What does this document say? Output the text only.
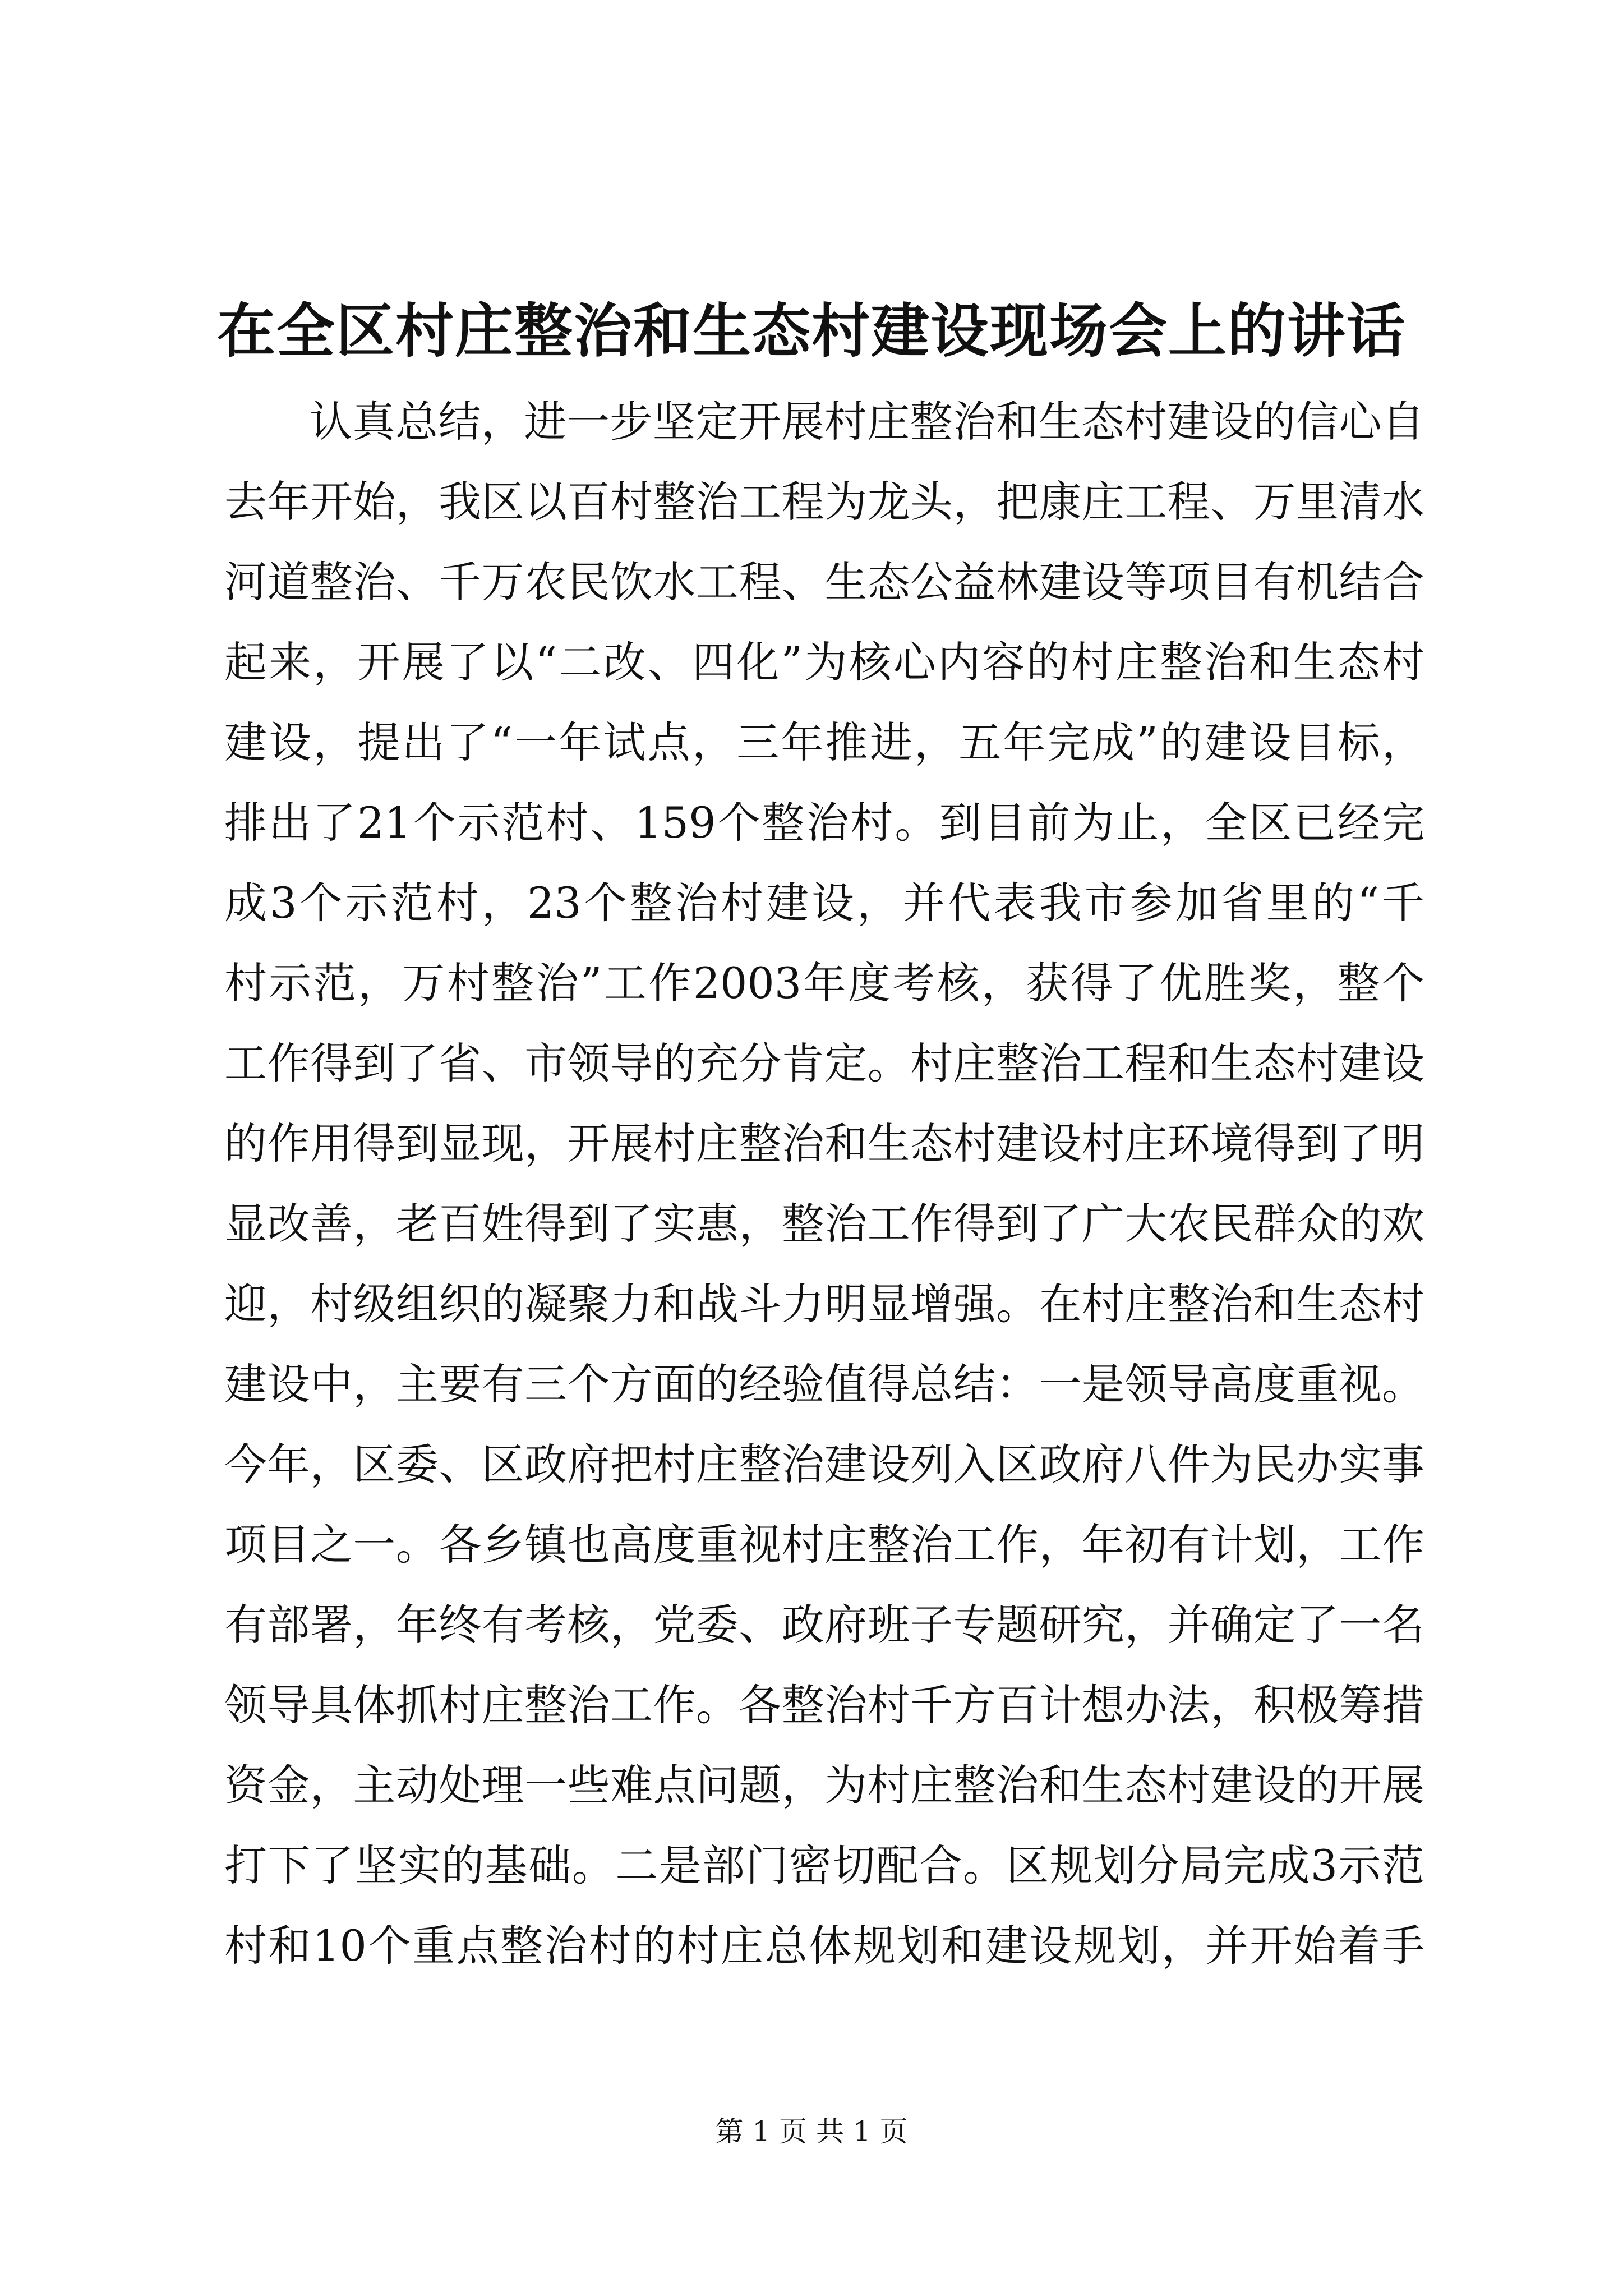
在全区村庄整治和生态村建设现场会上的讲话
认真总结，进一步坚定开展村庄整治和生态村建设的信心自
去年开始，我区以百村整治工程为龙头，把康庄工程、万里清水
河道整治、千万农民饮水工程、生态公益林建设等项目有机结合
起来，开展了以“二改、四化”为核心内容的村庄整治和生态村
建设，提出了“一年试点，三年推进，五年完成”的建设目标，
排出了21个示范村、159个整治村。到目前为止，全区已经完
成3个示范村，23个整治村建设，并代表我市参加省里的“千
村示范，万村整治”工作2003年度考核，获得了优胜奖，整个
工作得到了省、市领导的充分肯定。村庄整治工程和生态村建设
的作用得到显现，开展村庄整治和生态村建设村庄环境得到了明
显改善，老百姓得到了实惠，整治工作得到了广大农民群众的欢
迎，村级组织的凝聚力和战斗力明显增强。在村庄整治和生态村
建设中，主要有三个方面的经验值得总结：一是领导高度重视。
今年，区委、区政府把村庄整治建设列入区政府八件为民办实事
项目之一。各乡镇也高度重视村庄整治工作，年初有计划，工作
有部署，年终有考核，党委、政府班子专题研究，并确定了一名
领导具体抓村庄整治工作。各整治村千方百计想办法，积极筹措
资金，主动处理一些难点问题，为村庄整治和生态村建设的开展
打下了坚实的基础。二是部门密切配合。区规划分局完成3示范
村和10个重点整治村的村庄总体规划和建设规划，并开始着手
第 1 页 共 1 页
